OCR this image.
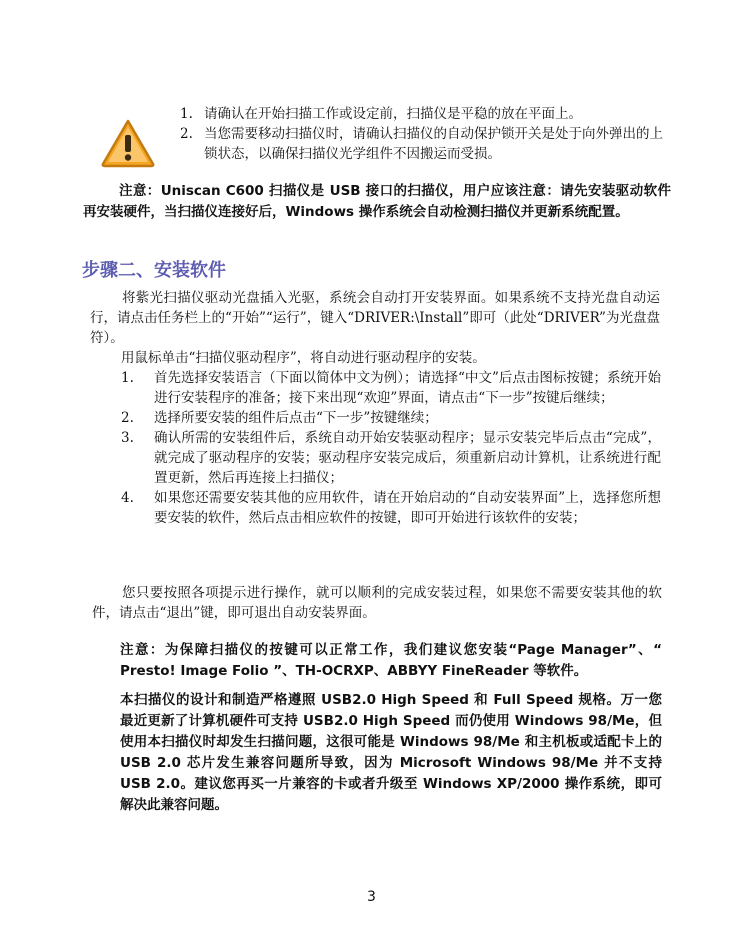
1. 请确认在开始扫描工作或设定前，扫描仪是平稳的放在平面上。
2. 当您需要移动扫描仪时，请确认扫描仪的自动保护锁开关是处于向外弹出的上锁状态，以确保扫描仪光学组件不因搬运而受损。
注意：Uniscan C600 扫描仪是 USB 接口的扫描仪，用户应该注意：请先安装驱动软件再安装硬件，当扫描仪连接好后，Windows 操作系统会自动检测扫描仪并更新系统配置。
步骤二、安装软件
将紫光扫描仪驱动光盘插入光驱，系统会自动打开安装界面。如果系统不支持光盘自动运行，请点击任务栏上的“开始”“运行”，键入“DRIVER:\Install”即可（此处“DRIVER”为光盘盘符）。
用鼠标单击“扫描仪驱动程序”，将自动进行驱动程序的安装。
1.	首先选择安装语言（下面以简体中文为例）；请选择“中文”后点击图标按键；系统开始进行安装程序的准备；接下来出现“欢迎”界面，请点击“下一步”按键后继续；
2.	选择所要安装的组件后点击“下一步”按键继续；
3.	确认所需的安装组件后，系统自动开始安装驱动程序；显示安装完毕后点击“完成”，就完成了驱动程序的安装；驱动程序安装完成后，须重新启动计算机，让系统进行配置更新，然后再连接上扫描仪；
4.	如果您还需要安装其他的应用软件，请在开始启动的“自动安装界面”上，选择您所想要安装的软件，然后点击相应软件的按键，即可开始进行该软件的安装；
您只要按照各项提示进行操作，就可以顺利的完成安装过程，如果您不需要安装其他的软件，请点击“退出”键，即可退出自动安装界面。
注意：为保障扫描仪的按键可以正常工作，我们建议您安装“Page Manager”、“ Presto! Image Folio ”、TH-OCRXP、ABBYY FineReader 等软件。
本扫描仪的设计和制造严格遵照 USB2.0 High Speed 和 Full Speed 规格。万一您最近更新了计算机硬件可支持 USB2.0 High Speed 而仍使用 Windows 98/Me，但使用本扫描仪时却发生扫描问题，这很可能是 Windows 98/Me 和主机板或适配卡上的 USB 2.0 芯片发生兼容问题所导致，因为 Microsoft Windows 98/Me 并不支持 USB 2.0。建议您再买一片兼容的卡或者升级至 Windows XP/2000 操作系统，即可解决此兼容问题。
3
